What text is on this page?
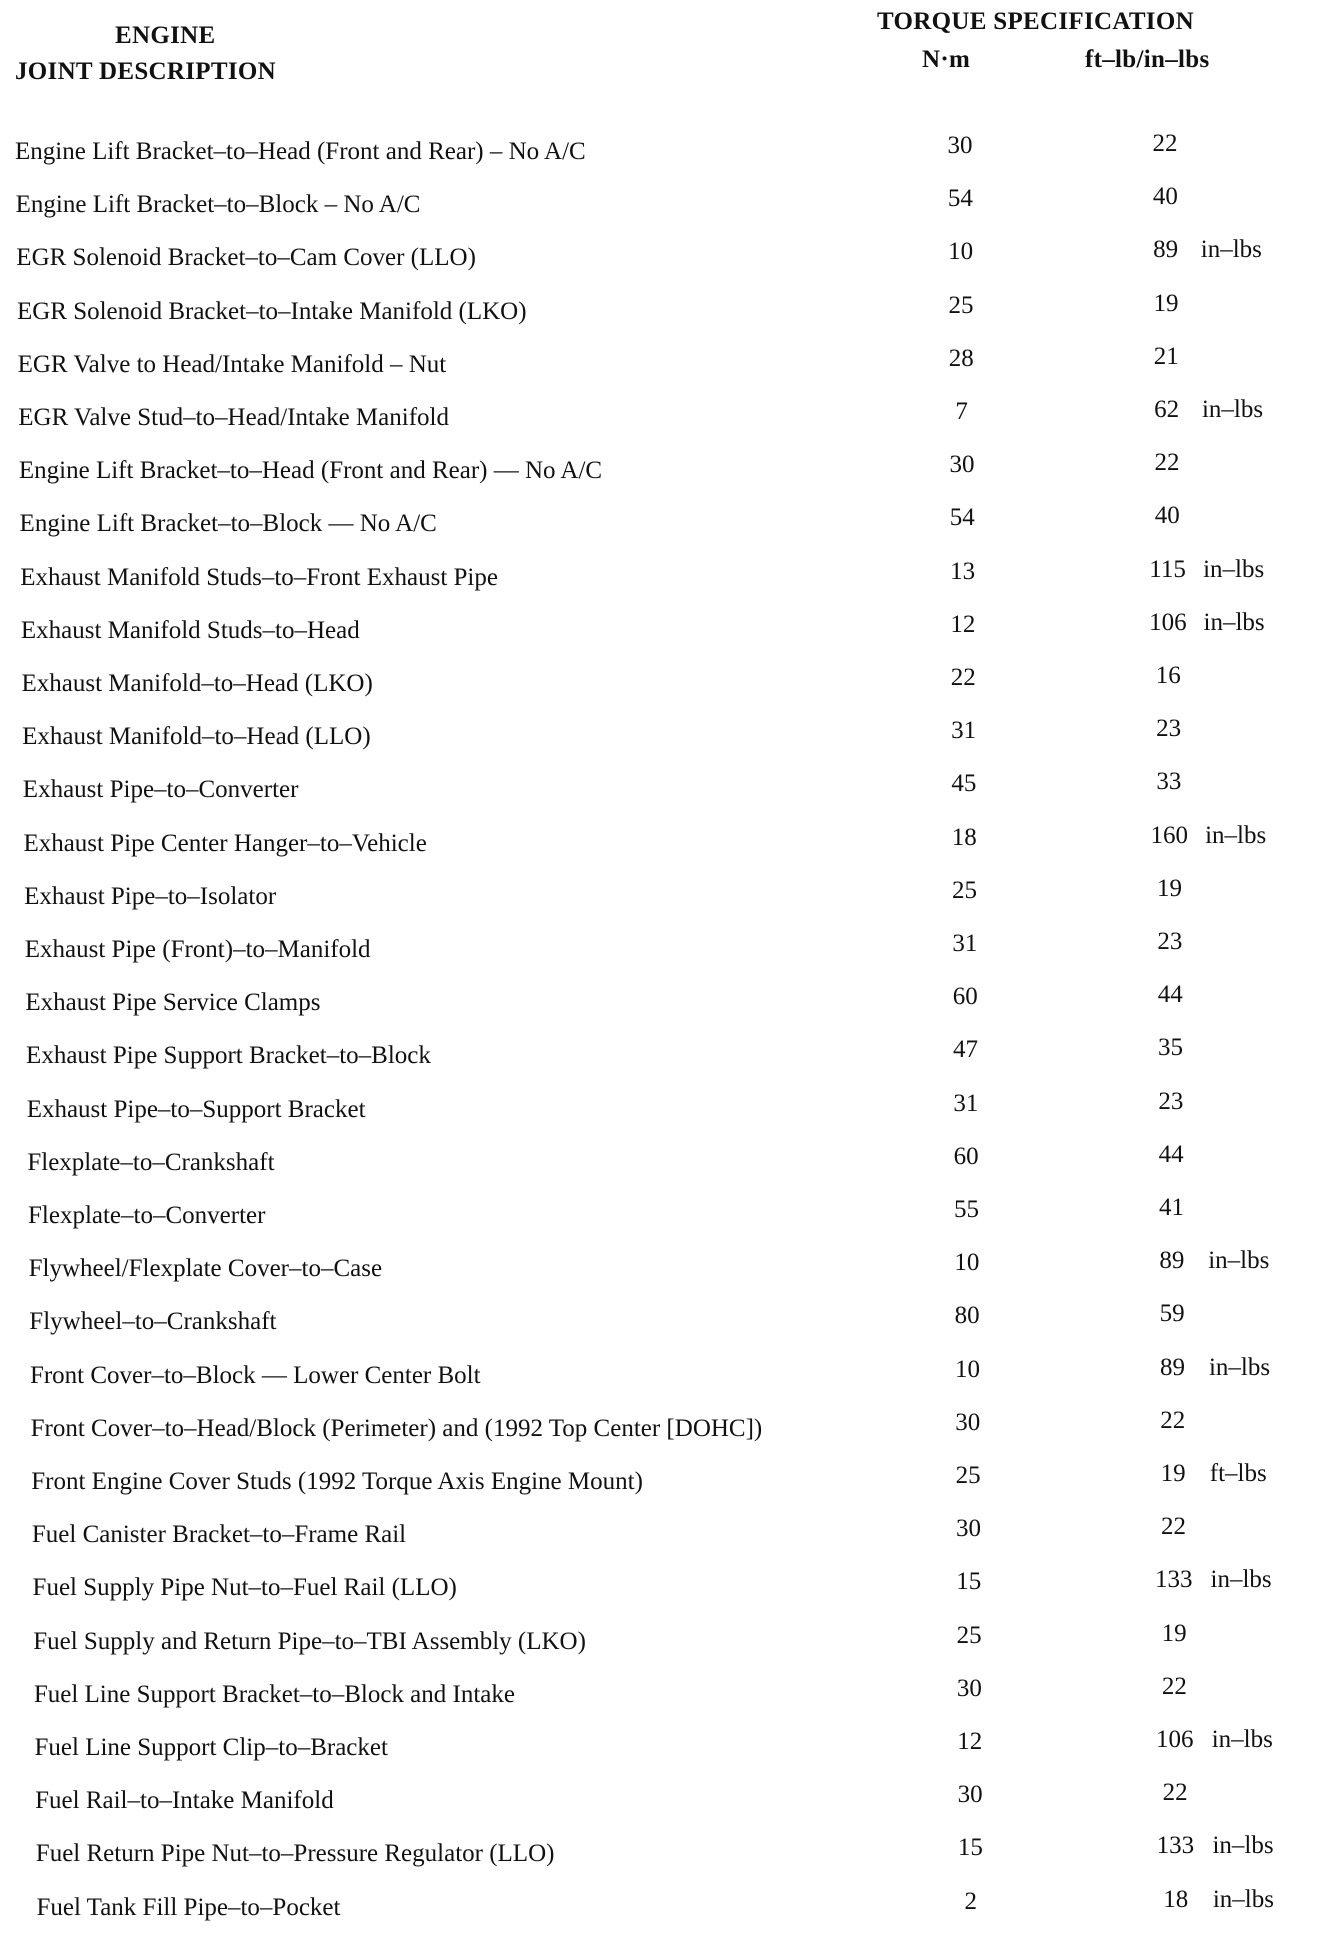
ENGINE
JOINT DESCRIPTION
TORQUE SPECIFICATION
N·m	ft–lb/in–lbs
Engine Lift Bracket–to–Head (Front and Rear) – No A/C	30	22
Engine Lift Bracket–to–Block – No A/C	54	40
EGR Solenoid Bracket–to–Cam Cover (LLO)	10	89 in–lbs
EGR Solenoid Bracket–to–Intake Manifold (LKO)	25	19
EGR Valve to Head/Intake Manifold – Nut	28	21
EGR Valve Stud–to–Head/Intake Manifold	7	62 in–lbs
Engine Lift Bracket–to–Head (Front and Rear) — No A/C	30	22
Engine Lift Bracket–to–Block — No A/C	54	40
Exhaust Manifold Studs–to–Front Exhaust Pipe	13	115 in–lbs
Exhaust Manifold Studs–to–Head	12	106 in–lbs
Exhaust Manifold–to–Head (LKO)	22	16
Exhaust Manifold–to–Head (LLO)	31	23
Exhaust Pipe–to–Converter	45	33
Exhaust Pipe Center Hanger–to–Vehicle	18	160 in–lbs
Exhaust Pipe–to–Isolator	25	19
Exhaust Pipe (Front)–to–Manifold	31	23
Exhaust Pipe Service Clamps	60	44
Exhaust Pipe Support Bracket–to–Block	47	35
Exhaust Pipe–to–Support Bracket	31	23
Flexplate–to–Crankshaft	60	44
Flexplate–to–Converter	55	41
Flywheel/Flexplate Cover–to–Case	10	89 in–lbs
Flywheel–to–Crankshaft	80	59
Front Cover–to–Block — Lower Center Bolt	10	89 in–lbs
Front Cover–to–Head/Block (Perimeter) and (1992 Top Center [DOHC])	30	22
Front Engine Cover Studs (1992 Torque Axis Engine Mount)	25	19 ft–lbs
Fuel Canister Bracket–to–Frame Rail	30	22
Fuel Supply Pipe Nut–to–Fuel Rail (LLO)	15	133 in–lbs
Fuel Supply and Return Pipe–to–TBI Assembly (LKO)	25	19
Fuel Line Support Bracket–to–Block and Intake	30	22
Fuel Line Support Clip–to–Bracket	12	106 in–lbs
Fuel Rail–to–Intake Manifold	30	22
Fuel Return Pipe Nut–to–Pressure Regulator (LLO)	15	133 in–lbs
Fuel Tank Fill Pipe–to–Pocket	2	18 in–lbs
